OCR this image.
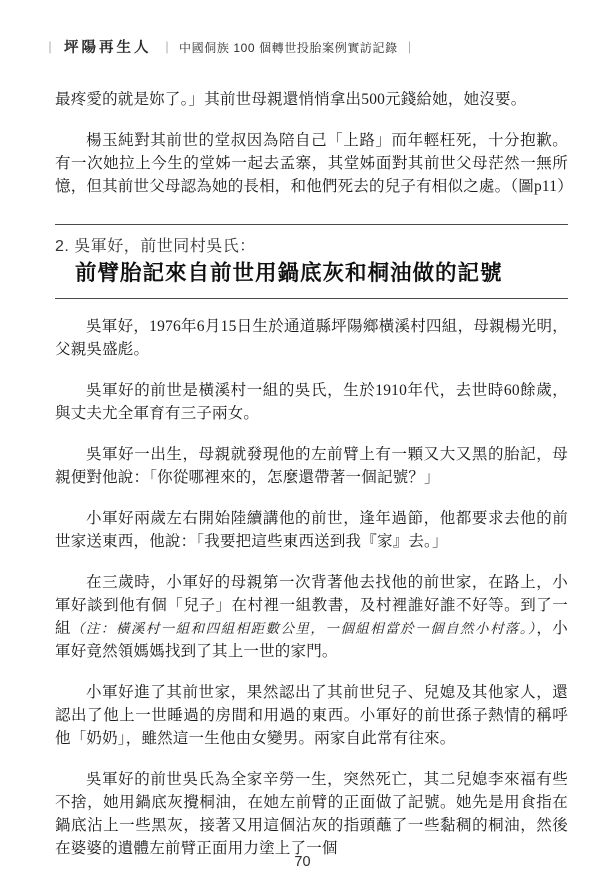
｜ 坪陽再生人 ｜ 中國侗族 100 個轉世投胎案例實訪記錄 ｜

最疼愛的就是妳了。」其前世母親還悄悄拿出500元錢給她，她沒要。

楊玉純對其前世的堂叔因為陪自己「上路」而年輕枉死，十分抱歉。有一次她拉上今生的堂姊一起去孟寨，其堂姊面對其前世父母茫然一無所憶，但其前世父母認為她的長相，和他們死去的兒子有相似之處。（圖p11）

2. 吳軍好，前世同村吳氏：
前臂胎記來自前世用鍋底灰和桐油做的記號

吳軍好，1976年6月15日生於通道縣坪陽鄉橫溪村四組，母親楊光明，父親吳盛彪。

吳軍好的前世是橫溪村一組的吳氏，生於1910年代，去世時60餘歲，與丈夫尤全軍育有三子兩女。

吳軍好一出生，母親就發現他的左前臂上有一顆又大又黑的胎記，母親便對他說：「你從哪裡來的，怎麼還帶著一個記號？」

小軍好兩歲左右開始陸續講他的前世，逢年過節，他都要求去他的前世家送東西，他說：「我要把這些東西送到我『家』去。」

在三歲時，小軍好的母親第一次背著他去找他的前世家，在路上，小軍好談到他有個「兒子」在村裡一組教書，及村裡誰好誰不好等。到了一組（注：橫溪村一組和四組相距數公里，一個組相當於一個自然小村落。），小軍好竟然領媽媽找到了其上一世的家門。

小軍好進了其前世家，果然認出了其前世兒子、兒媳及其他家人，還認出了他上一世睡過的房間和用過的東西。小軍好的前世孫子熱情的稱呼他「奶奶」，雖然這一生他由女變男。兩家自此常有往來。

吳軍好的前世吳氏為全家辛勞一生，突然死亡，其二兒媳李來福有些不捨，她用鍋底灰攪桐油，在她左前臂的正面做了記號。她先是用食指在鍋底沾上一些黑灰，接著又用這個沾灰的指頭蘸了一些黏稠的桐油，然後在婆婆的遺體左前臂正面用力塗上了一個

70
